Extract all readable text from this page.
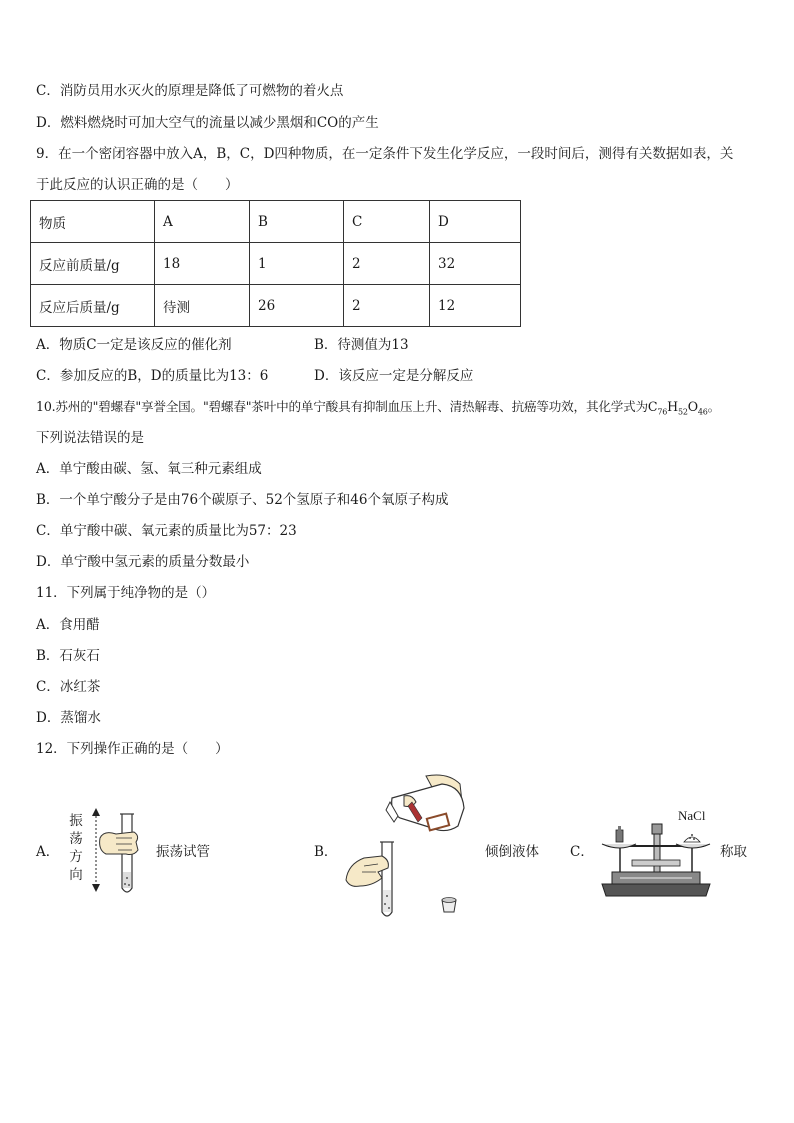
C．消防员用水灭火的原理是降低了可燃物的着火点
D．燃料燃烧时可加大空气的流量以减少黑烟和CO的产生
9．在一个密闭容器中放入A，B，C，D四种物质，在一定条件下发生化学反应，一段时间后，测得有关数据如表，关
于此反应的认识正确的是（　　）
物质	A	B	C	D
反应前质量/g	18	1	2	32
反应后质量/g	待测	26	2	12
A．物质C一定是该反应的催化剂	B．待测值为13
C．参加反应的B，D的质量比为13：6	D．该反应一定是分解反应
10.苏州的"碧螺春"享誉全国。"碧螺春"茶叶中的单宁酸具有抑制血压上升、清热解毒、抗癌等功效，其化学式为$C_{76}H_{52}O_{46}$。
下列说法错误的是
A．单宁酸由碳、氢、氧三种元素组成
B．一个单宁酸分子是由76个碳原子、52个氢原子和46个氧原子构成
C．单宁酸中碳、氧元素的质量比为57：23
D．单宁酸中氢元素的质量分数最小
11．下列属于纯净物的是（）
A．食用醋
B．石灰石
C．冰红茶
D．蒸馏水
12．下列操作正确的是（　　）
A．
振
荡
方
向
振荡试管	B．	倾倒液体 C．
NaCl
称取
